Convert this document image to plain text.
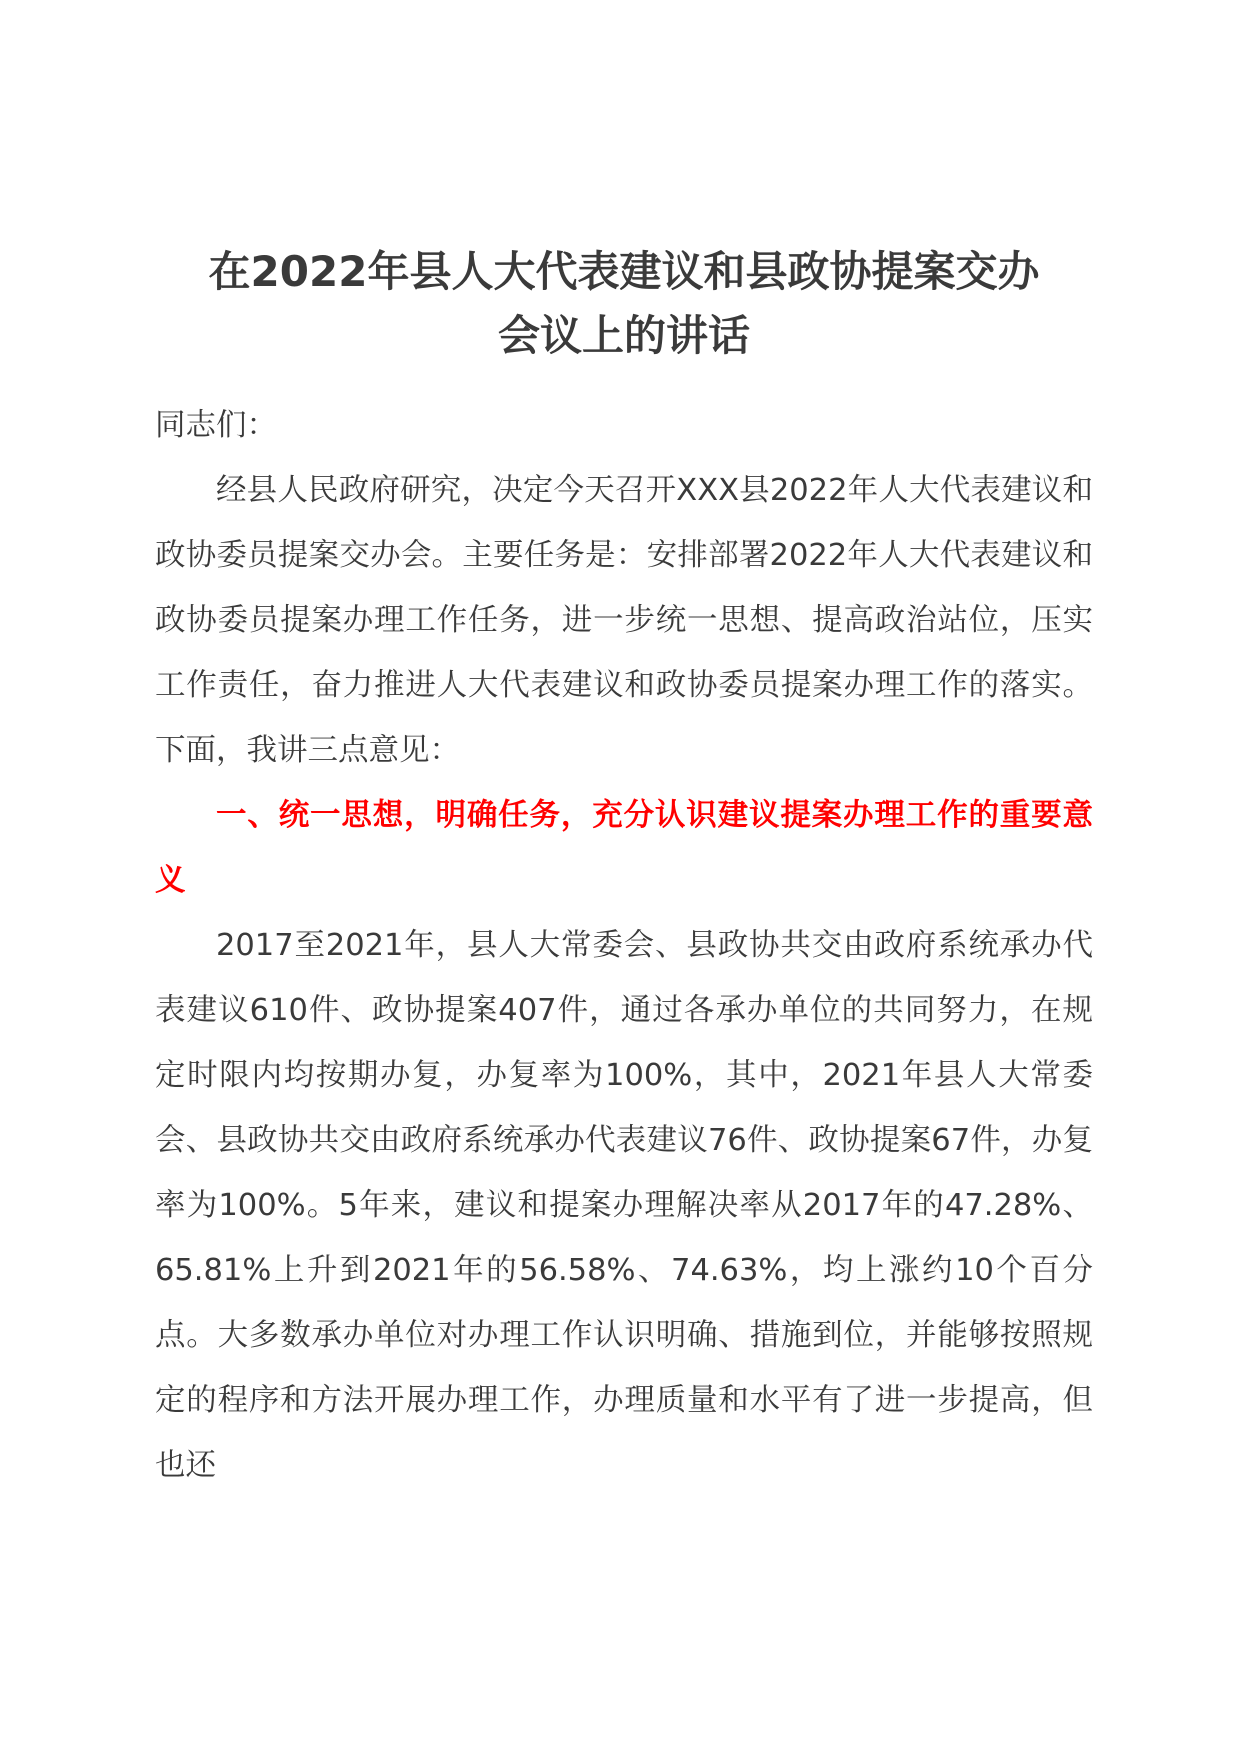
在2022年县人大代表建议和县政协提案交办
会议上的讲话

同志们：

经县人民政府研究，决定今天召开XXX县2022年人大代表建议和政协委员提案交办会。主要任务是：安排部署2022年人大代表建议和政协委员提案办理工作任务，进一步统一思想、提高政治站位，压实工作责任，奋力推进人大代表建议和政协委员提案办理工作的落实。下面，我讲三点意见：

一、统一思想，明确任务，充分认识建议提案办理工作的重要意义

2017至2021年，县人大常委会、县政协共交由政府系统承办代表建议610件、政协提案407件，通过各承办单位的共同努力，在规定时限内均按期办复，办复率为100%，其中，2021年县人大常委会、县政协共交由政府系统承办代表建议76件、政协提案67件，办复率为100%。5年来，建议和提案办理解决率从2017年的47.28%、65.81%上升到2021年的56.58%、74.63%，均上涨约10个百分点。大多数承办单位对办理工作认识明确、措施到位，并能够按照规定的程序和方法开展办理工作，办理质量和水平有了进一步提高，但也还
